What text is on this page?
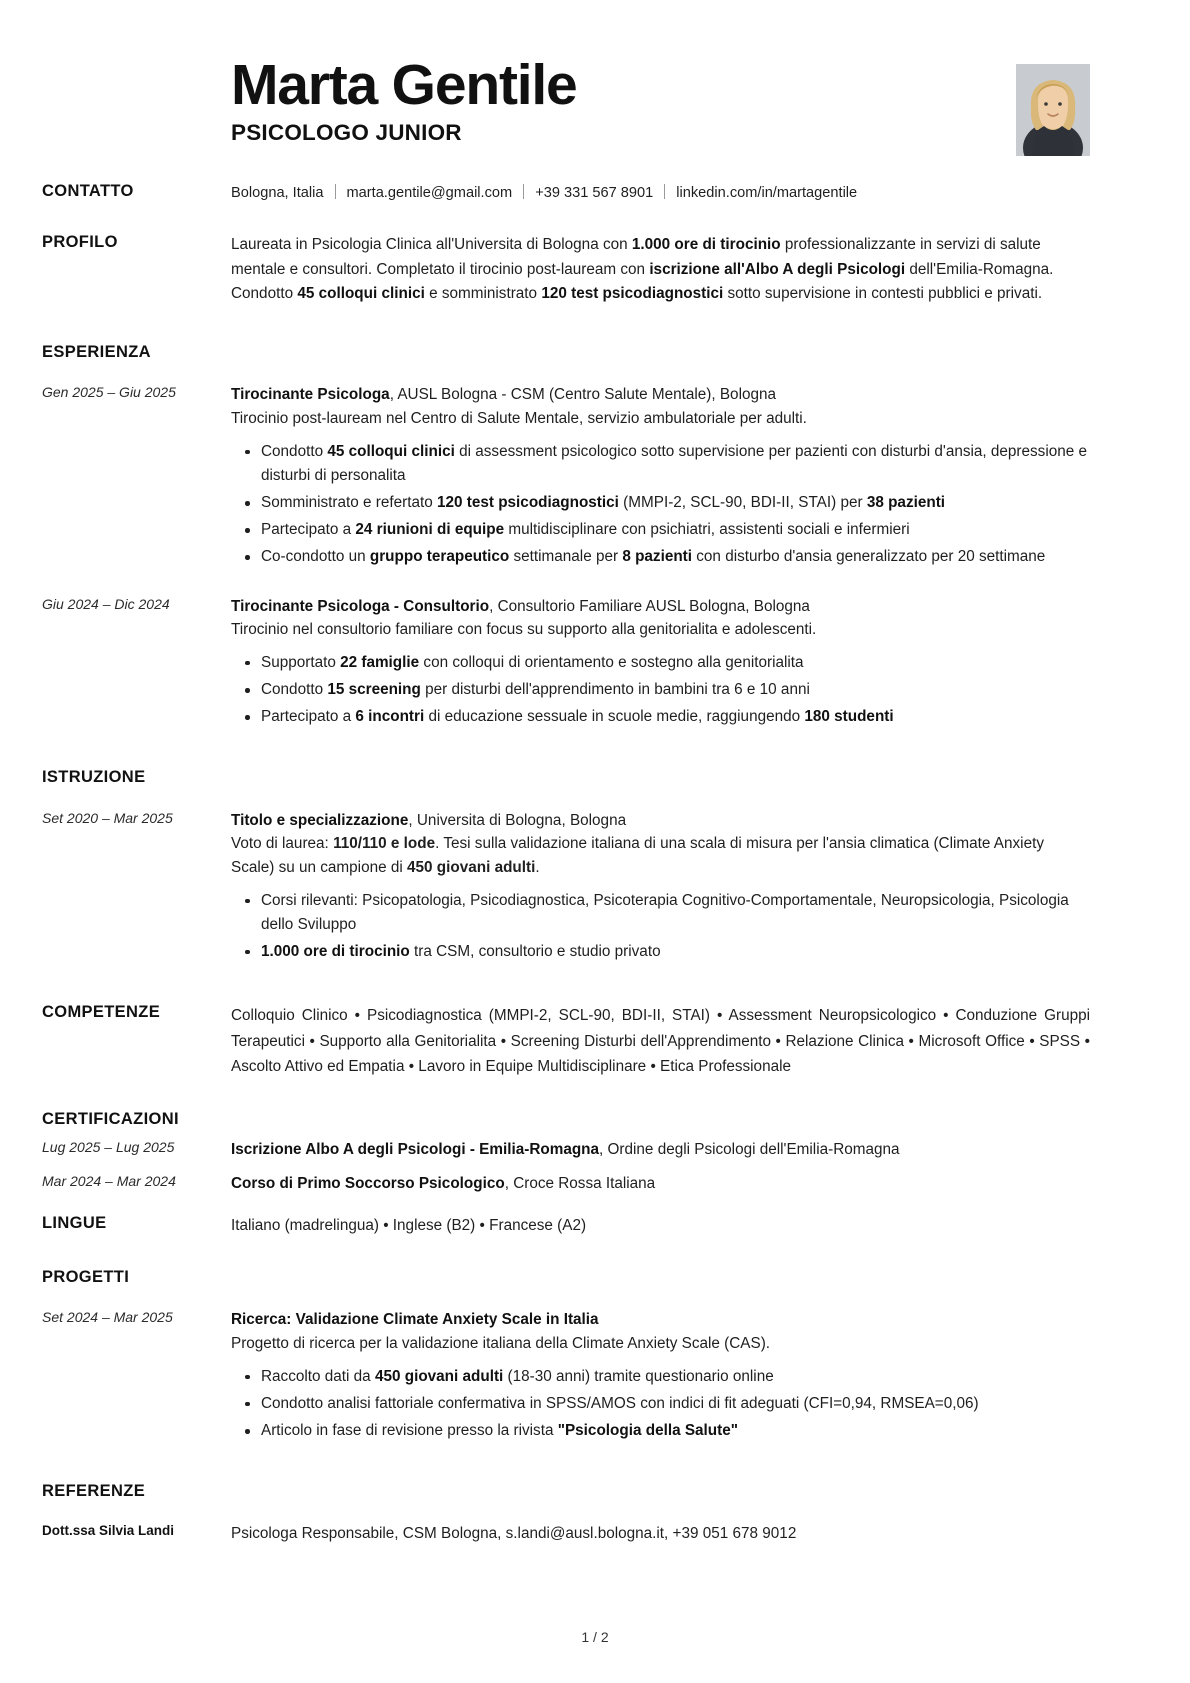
Marta Gentile
PSICOLOGO JUNIOR
CONTATTO	Bologna, Italia marta.gentile@gmail.com +39 331 567 8901 linkedin.com/in/martagentile
PROFILO	Laureata in Psicologia Clinica all'Universita di Bologna con 1.000 ore di tirocinio professionalizzante in servizi di salute mentale e consultori. Completato il tirocinio post-lauream con iscrizione all'Albo A degli Psicologi dell'Emilia-Romagna. Condotto 45 colloqui clinici e somministrato 120 test psicodiagnostici sotto supervisione in contesti pubblici e privati.
ESPERIENZA
Gen 2025 – Giu 2025	Tirocinante Psicologa, AUSL Bologna - CSM (Centro Salute Mentale), Bologna
Tirocinio post-lauream nel Centro di Salute Mentale, servizio ambulatoriale per adulti.
Condotto 45 colloqui clinici di assessment psicologico sotto supervisione per pazienti con disturbi d'ansia, depressione e disturbi di personalita
Somministrato e refertato 120 test psicodiagnostici (MMPI-2, SCL-90, BDI-II, STAI) per 38 pazienti
Partecipato a 24 riunioni di equipe multidisciplinare con psichiatri, assistenti sociali e infermieri
Co-condotto un gruppo terapeutico settimanale per 8 pazienti con disturbo d'ansia generalizzato per 20 settimane
Giu 2024 – Dic 2024	Tirocinante Psicologa - Consultorio, Consultorio Familiare AUSL Bologna, Bologna
Tirocinio nel consultorio familiare con focus su supporto alla genitorialita e adolescenti.
Supportato 22 famiglie con colloqui di orientamento e sostegno alla genitorialita
Condotto 15 screening per disturbi dell'apprendimento in bambini tra 6 e 10 anni
Partecipato a 6 incontri di educazione sessuale in scuole medie, raggiungendo 180 studenti
ISTRUZIONE
Set 2020 – Mar 2025	Titolo e specializzazione, Universita di Bologna, Bologna
Voto di laurea: 110/110 e lode. Tesi sulla validazione italiana di una scala di misura per l'ansia climatica (Climate Anxiety Scale) su un campione di 450 giovani adulti.
Corsi rilevanti: Psicopatologia, Psicodiagnostica, Psicoterapia Cognitivo-Comportamentale, Neuropsicologia, Psicologia dello Sviluppo
1.000 ore di tirocinio tra CSM, consultorio e studio privato
COMPETENZE	Colloquio Clinico • Psicodiagnostica (MMPI-2, SCL-90, BDI-II, STAI) • Assessment Neuropsicologico • Conduzione Gruppi Terapeutici • Supporto alla Genitorialita • Screening Disturbi dell'Apprendimento • Relazione Clinica • Microsoft Office • SPSS • Ascolto Attivo ed Empatia • Lavoro in Equipe Multidisciplinare • Etica Professionale
CERTIFICAZIONI
Lug 2025 – Lug 2025	Iscrizione Albo A degli Psicologi - Emilia-Romagna, Ordine degli Psicologi dell'Emilia-Romagna
Mar 2024 – Mar 2024	Corso di Primo Soccorso Psicologico, Croce Rossa Italiana
LINGUE	Italiano (madrelingua) • Inglese (B2) • Francese (A2)
PROGETTI
Set 2024 – Mar 2025	Ricerca: Validazione Climate Anxiety Scale in Italia
Progetto di ricerca per la validazione italiana della Climate Anxiety Scale (CAS).
Raccolto dati da 450 giovani adulti (18-30 anni) tramite questionario online
Condotto analisi fattoriale confermativa in SPSS/AMOS con indici di fit adeguati (CFI=0,94, RMSEA=0,06)
Articolo in fase di revisione presso la rivista "Psicologia della Salute"
REFERENZE
Dott.ssa Silvia Landi	Psicologa Responsabile, CSM Bologna, s.landi@ausl.bologna.it, +39 051 678 9012
1 / 2
